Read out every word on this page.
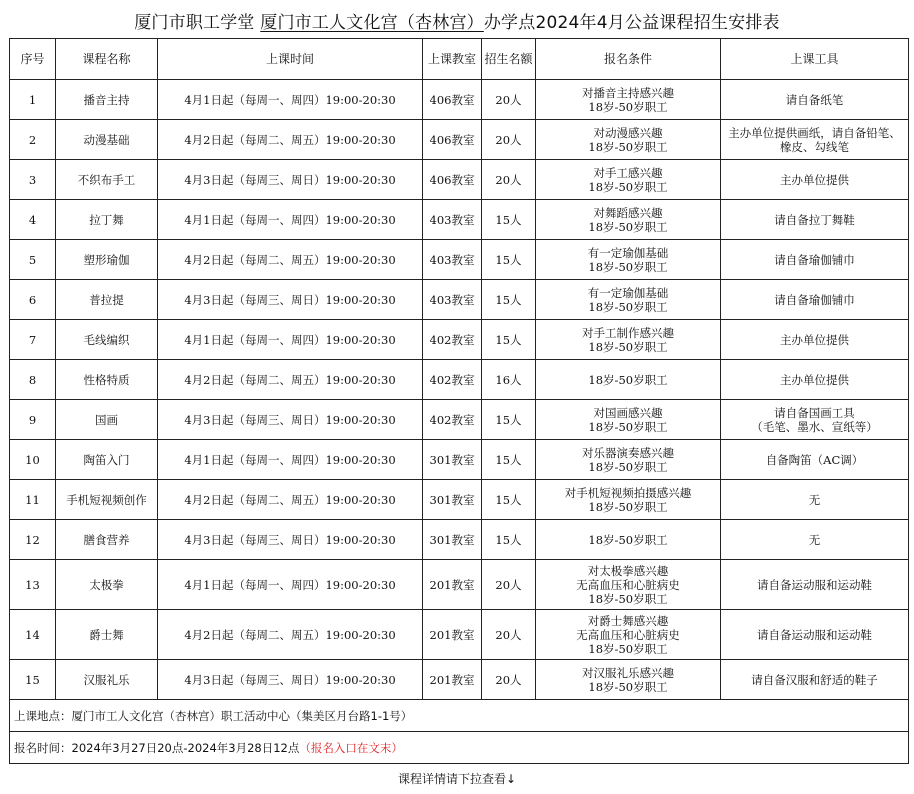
厦门市职工学堂 厦门市工人文化宫（杏林宫）办学点2024年4月公益课程招生安排表
序号	课程名称	上课时间	上课教室	招生名额	报名条件	上课工具
1	播音主持	4月1日起（每周一、周四）19:00-20:30	406教室	20人	对播音主持感兴趣
18岁-50岁职工	请自备纸笔
2	动漫基础	4月2日起（每周二、周五）19:00-20:30	406教室	20人	对动漫感兴趣
18岁-50岁职工	主办单位提供画纸，请自备铅笔、
橡皮、勾线笔
3	不织布手工	4月3日起（每周三、周日）19:00-20:30	406教室	20人	对手工感兴趣
18岁-50岁职工	主办单位提供
4	拉丁舞	4月1日起（每周一、周四）19:00-20:30	403教室	15人	对舞蹈感兴趣
18岁-50岁职工	请自备拉丁舞鞋
5	塑形瑜伽	4月2日起（每周二、周五）19:00-20:30	403教室	15人	有一定瑜伽基础
18岁-50岁职工	请自备瑜伽铺巾
6	普拉提	4月3日起（每周三、周日）19:00-20:30	403教室	15人	有一定瑜伽基础
18岁-50岁职工	请自备瑜伽铺巾
7	毛线编织	4月1日起（每周一、周四）19:00-20:30	402教室	15人	对手工制作感兴趣
18岁-50岁职工	主办单位提供
8	性格特质	4月2日起（每周二、周五）19:00-20:30	402教室	16人	18岁-50岁职工	主办单位提供
9	国画	4月3日起（每周三、周日）19:00-20:30	402教室	15人	对国画感兴趣
18岁-50岁职工	请自备国画工具
（毛笔、墨水、宣纸等）
10	陶笛入门	4月1日起（每周一、周四）19:00-20:30	301教室	15人	对乐器演奏感兴趣
18岁-50岁职工	自备陶笛（AC调）
11	手机短视频创作	4月2日起（每周二、周五）19:00-20:30	301教室	15人	对手机短视频拍摄感兴趣
18岁-50岁职工	无
12	膳食营养	4月3日起（每周三、周日）19:00-20:30	301教室	15人	18岁-50岁职工	无
13	太极拳	4月1日起（每周一、周四）19:00-20:30	201教室	20人	对太极拳感兴趣
无高血压和心脏病史
18岁-50岁职工	请自备运动服和运动鞋
14	爵士舞	4月2日起（每周二、周五）19:00-20:30	201教室	20人	对爵士舞感兴趣
无高血压和心脏病史
18岁-50岁职工	请自备运动服和运动鞋
15	汉服礼乐	4月3日起（每周三、周日）19:00-20:30	201教室	20人	对汉服礼乐感兴趣
18岁-50岁职工	请自备汉服和舒适的鞋子
上课地点：厦门市工人文化宫（杏林宫）职工活动中心（集美区月台路1-1号）						
报名时间：2024年3月27日20点-2024年3月28日12点（报名入口在文末）						
课程详情请下拉查看↓
